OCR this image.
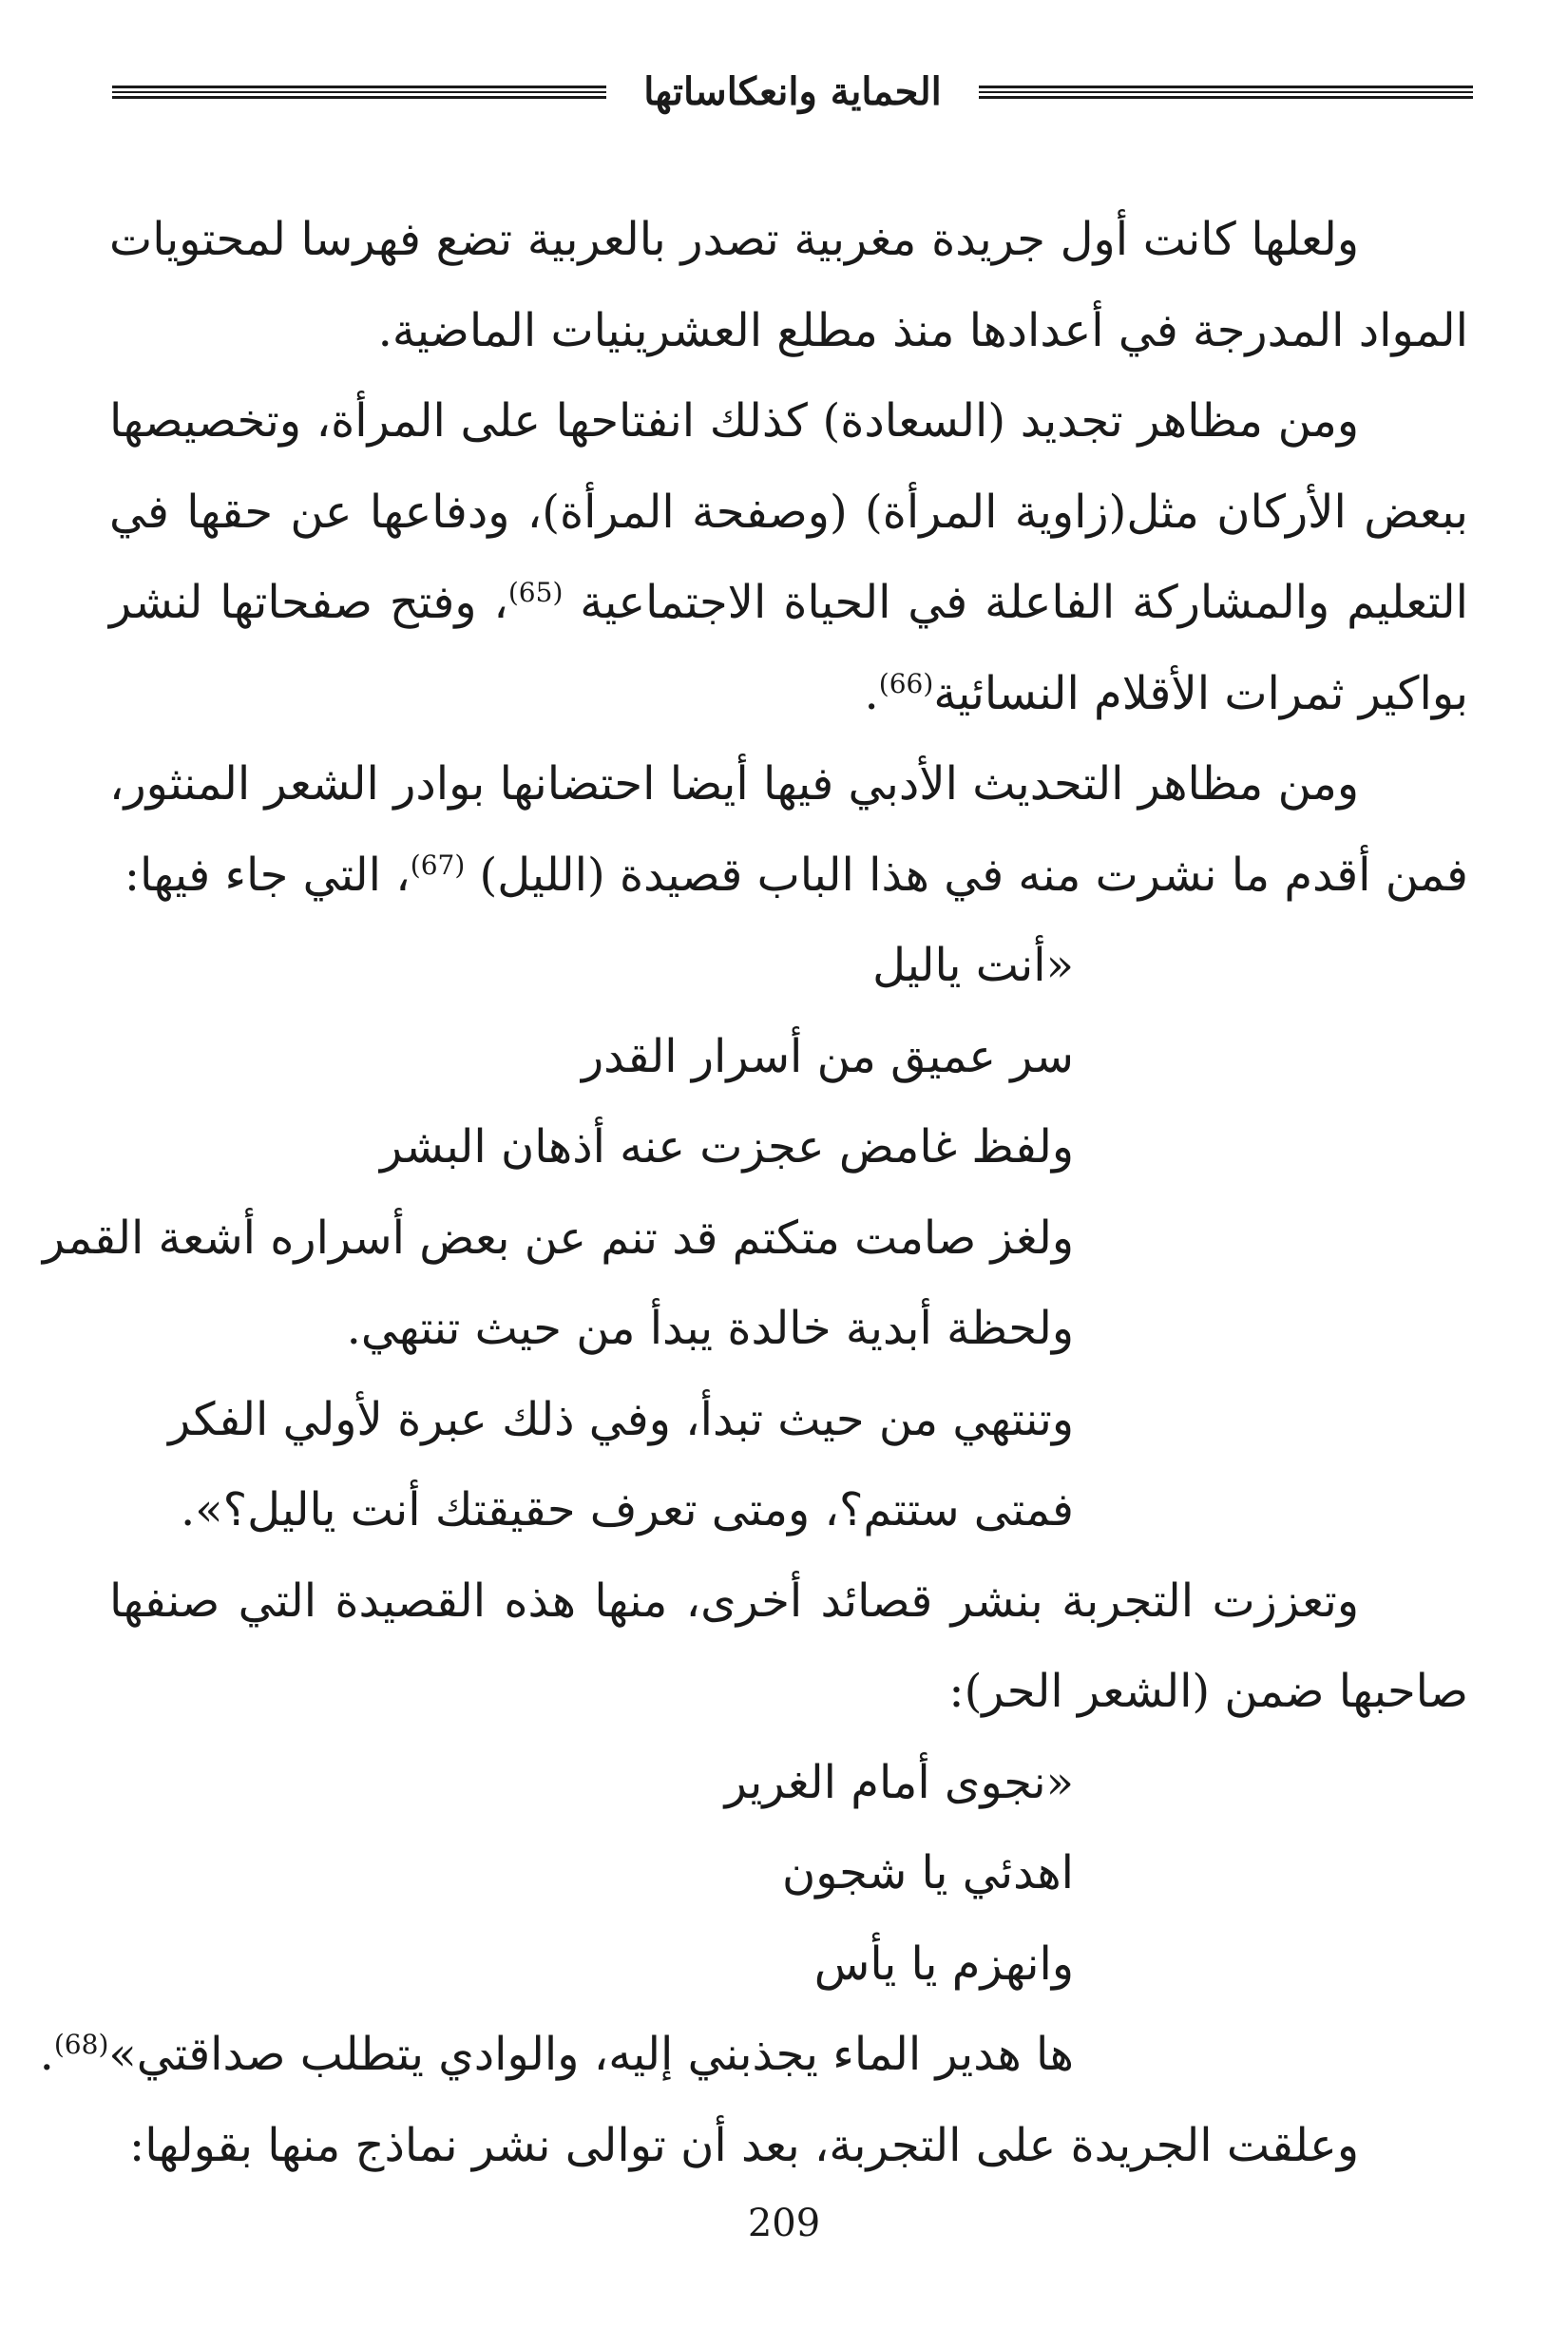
الحماية وانعكاساتها

ولعلها كانت أول جريدة مغربية تصدر بالعربية تضع فهرسا لمحتويات المواد المدرجة في أعدادها منذ مطلع العشرينيات الماضية.

ومن مظاهر تجديد (السعادة) كذلك انفتاحها على المرأة، وتخصيصها ببعض الأركان مثل(زاوية المرأة) (وصفحة المرأة)، ودفاعها عن حقها في التعليم والمشاركة الفاعلة في الحياة الاجتماعية $^{(65)}$، وفتح صفحاتها لنشر بواكير ثمرات الأقلام النسائية$^{(66)}$.

ومن مظاهر التحديث الأدبي فيها أيضا احتضانها بوادر الشعر المنثور، فمن أقدم ما نشرت منه في هذا الباب قصيدة (الليل) $^{(67)}$، التي جاء فيها:

«أنت ياليل

سر عميق من أسرار القدر

ولفظ غامض عجزت عنه أذهان البشر

ولغز صامت متكتم قد تنم عن بعض أسراره أشعة القمر

ولحظة أبدية خالدة يبدأ من حيث تنتهي.

وتنتهي من حيث تبدأ، وفي ذلك عبرة لأولي الفكر

فمتى ستتم؟، ومتى تعرف حقيقتك أنت ياليل؟».

وتعززت التجربة بنشر قصائد أخرى، منها هذه القصيدة التي صنفها صاحبها ضمن (الشعر الحر):

«نجوى أمام الغرير

اهدئي يا شجون

وانهزم يا يأس

ها هدير الماء يجذبني إليه، والوادي يتطلب صداقتي»$^{(68)}$.

وعلقت الجريدة على التجربة، بعد أن توالى نشر نماذج منها بقولها:

209
